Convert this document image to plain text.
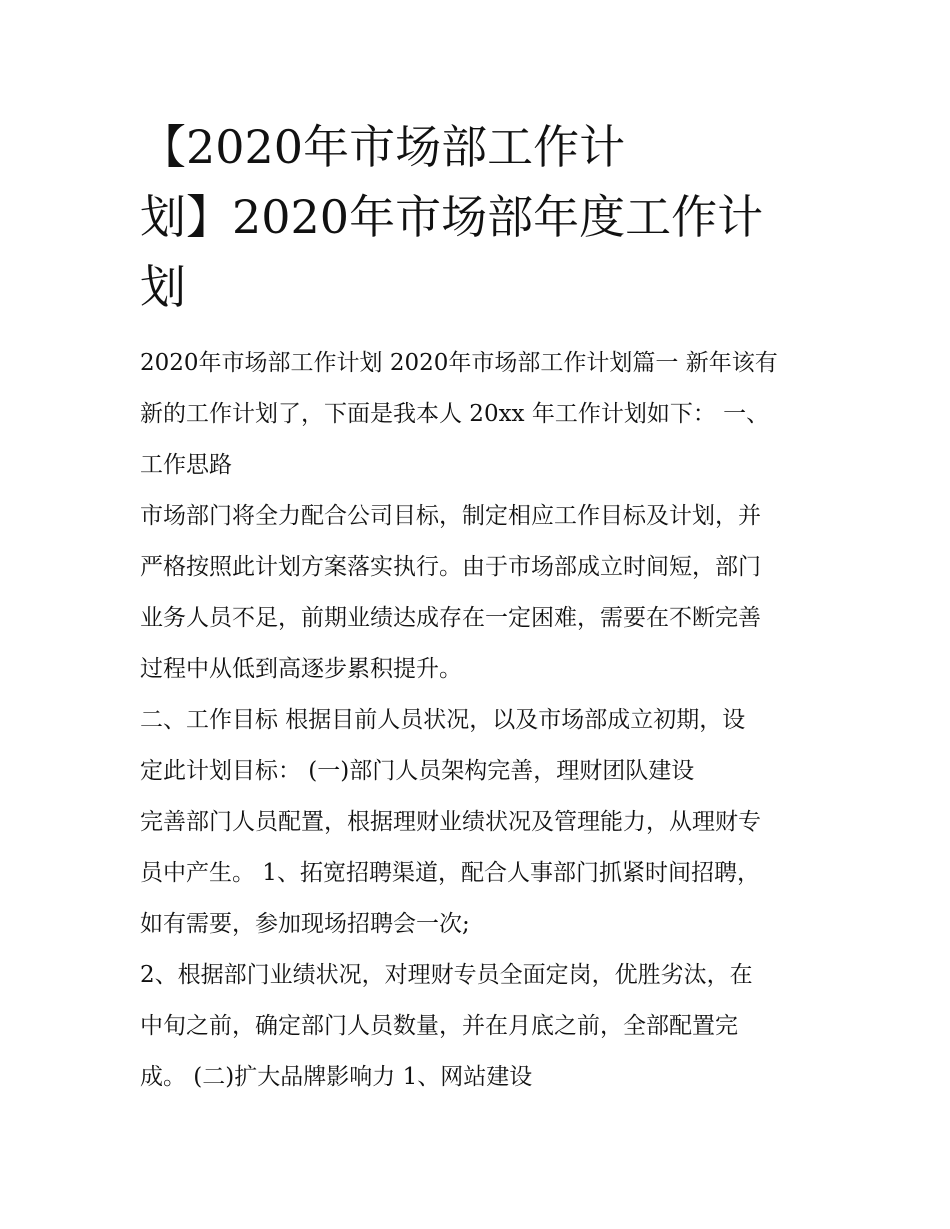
【2020年市场部工作计
划】2020年市场部年度工作计
划

2020年市场部工作计划 2020年市场部工作计划篇一 新年该有
新的工作计划了，下面是我本人 20xx 年工作计划如下： 一、
工作思路

市场部门将全力配合公司目标，制定相应工作目标及计划，并
严格按照此计划方案落实执行。由于市场部成立时间短，部门
业务人员不足，前期业绩达成存在一定困难，需要在不断完善
过程中从低到高逐步累积提升。

二、工作目标 根据目前人员状况，以及市场部成立初期，设
定此计划目标： (一)部门人员架构完善，理财团队建设

完善部门人员配置，根据理财业绩状况及管理能力，从理财专
员中产生。 1、拓宽招聘渠道，配合人事部门抓紧时间招聘，
如有需要，参加现场招聘会一次;

2、根据部门业绩状况，对理财专员全面定岗，优胜劣汰，在
中旬之前，确定部门人员数量，并在月底之前，全部配置完
成。 (二)扩大品牌影响力 1、网站建设
